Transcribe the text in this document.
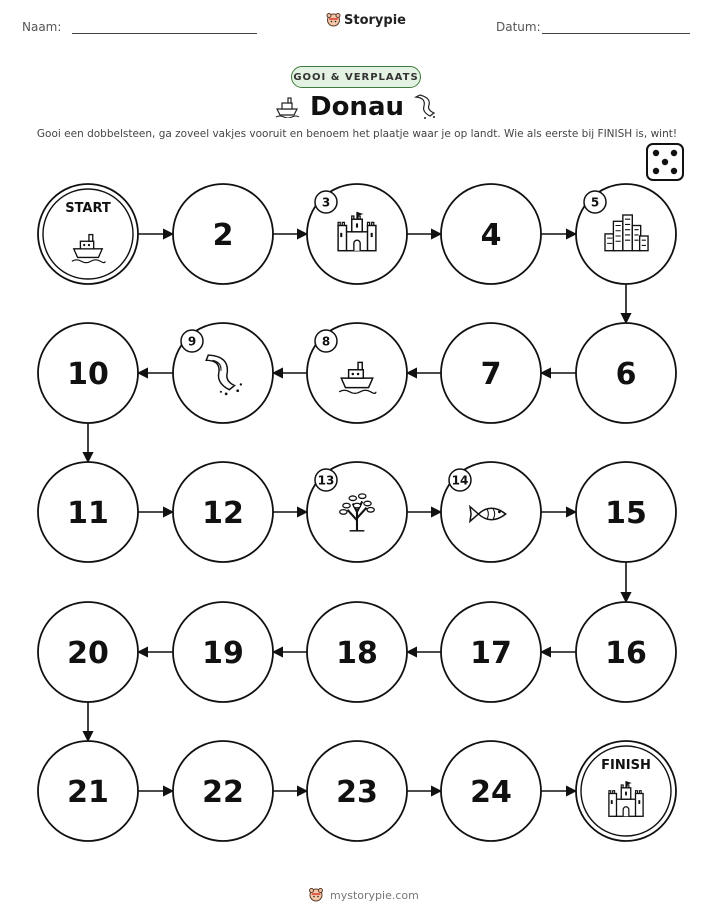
Naam:	Storypie	Datum:
GOOI & VERPLAATS
Donau
Gooi een dobbelsteen, ga zoveel vakjes vooruit en benoem het plaatje waar je op landt. Wie als eerste bij FINISH is, wint!
START
2
3
4
5
6
7
8
9
10
11	12
13	14
15
16
17
18
19
20
21	22	23	24
FINISH
mystorypie.com
